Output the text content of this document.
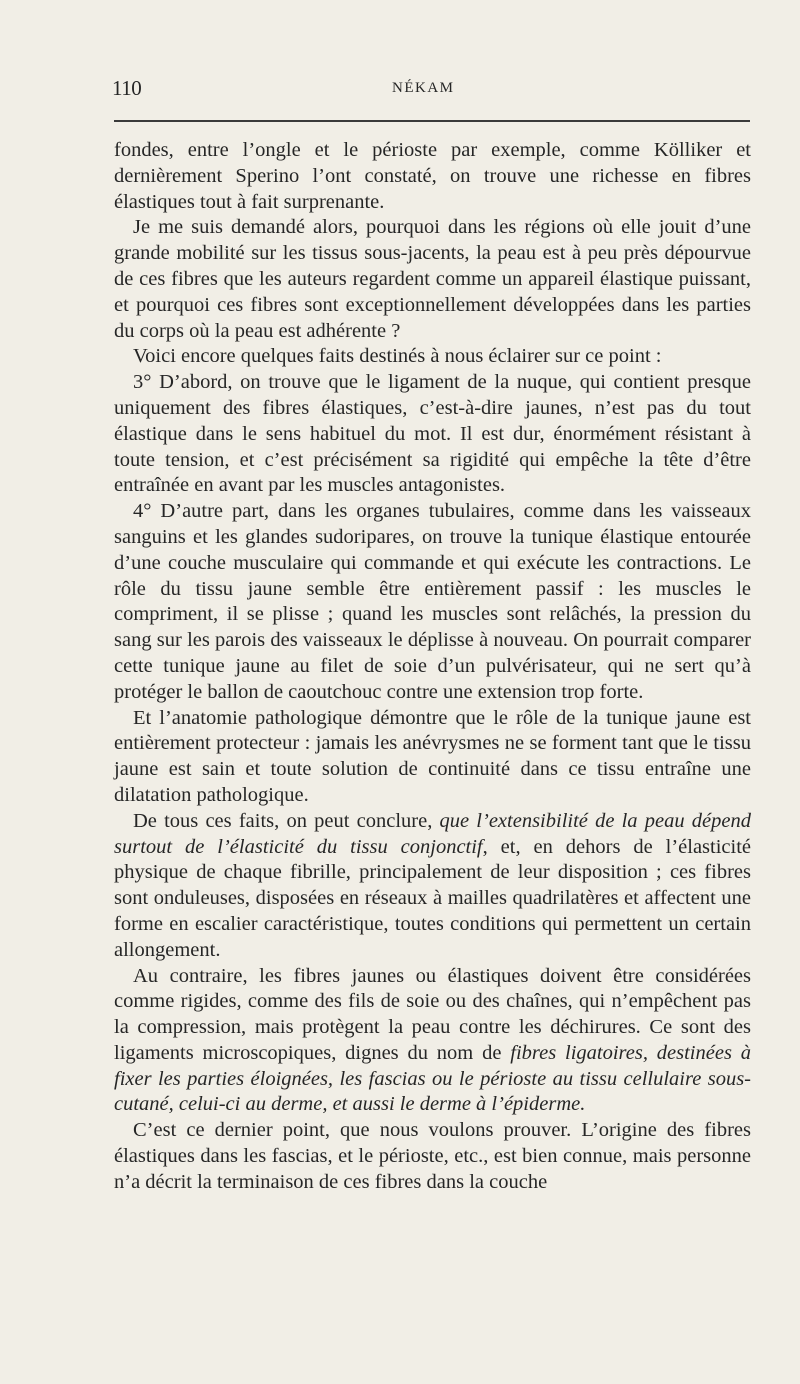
110	NÉKAM

fondes, entre l’ongle et le périoste par exemple, comme Kölliker et dernièrement Sperino l’ont constaté, on trouve une richesse en fibres élastiques tout à fait surprenante.

Je me suis demandé alors, pourquoi dans les régions où elle jouit d’une grande mobilité sur les tissus sous-jacents, la peau est à peu près dépourvue de ces fibres que les auteurs regardent comme un appareil élastique puissant, et pourquoi ces fibres sont exceptionnellement développées dans les parties du corps où la peau est adhérente ?

Voici encore quelques faits destinés à nous éclairer sur ce point :

3° D’abord, on trouve que le ligament de la nuque, qui contient presque uniquement des fibres élastiques, c’est-à-dire jaunes, n’est pas du tout élastique dans le sens habituel du mot. Il est dur, énormément résistant à toute tension, et c’est précisément sa rigidité qui empêche la tête d’être entraînée en avant par les muscles antagonistes.

4° D’autre part, dans les organes tubulaires, comme dans les vaisseaux sanguins et les glandes sudoripares, on trouve la tunique élastique entourée d’une couche musculaire qui commande et qui exécute les contractions. Le rôle du tissu jaune semble être entièrement passif : les muscles le compriment, il se plisse ; quand les muscles sont relâchés, la pression du sang sur les parois des vaisseaux le déplisse à nouveau. On pourrait comparer cette tunique jaune au filet de soie d’un pulvérisateur, qui ne sert qu’à protéger le ballon de caoutchouc contre une extension trop forte.

Et l’anatomie pathologique démontre que le rôle de la tunique jaune est entièrement protecteur : jamais les anévrysmes ne se forment tant que le tissu jaune est sain et toute solution de continuité dans ce tissu entraîne une dilatation pathologique.

De tous ces faits, on peut conclure, que l’extensibilité de la peau dépend surtout de l’élasticité du tissu conjonctif, et, en dehors de l’élasticité physique de chaque fibrille, principalement de leur disposition ; ces fibres sont onduleuses, disposées en réseaux à mailles quadrilatères et affectent une forme en escalier caractéristique, toutes conditions qui permettent un certain allongement.

Au contraire, les fibres jaunes ou élastiques doivent être considérées comme rigides, comme des fils de soie ou des chaînes, qui n’empêchent pas la compression, mais protègent la peau contre les déchirures. Ce sont des ligaments microscopiques, dignes du nom de fibres ligatoires, destinées à fixer les parties éloignées, les fascias ou le périoste au tissu cellulaire sous-cutané, celui-ci au derme, et aussi le derme à l’épiderme.

C’est ce dernier point, que nous voulons prouver. L’origine des fibres élastiques dans les fascias, et le périoste, etc., est bien connue, mais personne n’a décrit la terminaison de ces fibres dans la couche
